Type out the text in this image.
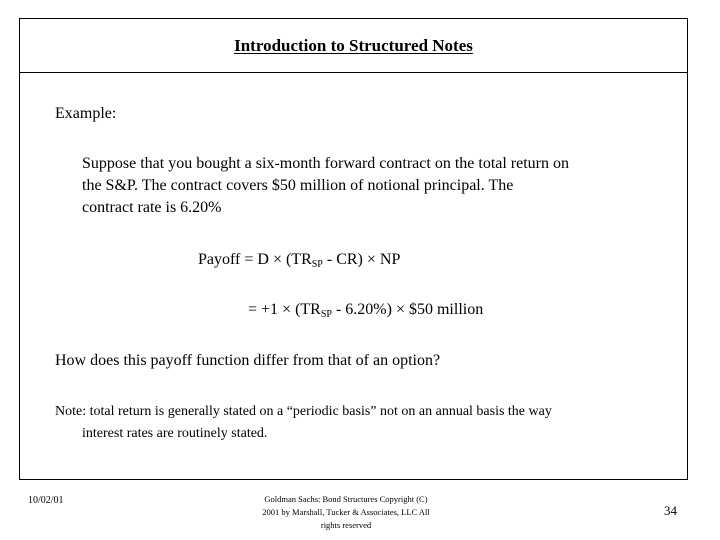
Introduction to Structured Notes
Example:
Suppose that you bought a six-month forward contract on the total return on
the S&P. The contract covers $50 million of notional principal. The
contract rate is 6.20%
Payoff = $D \times (TR_{SP} - CR)$ × NP
= $+1 \times (TR_{SP} - 6.20\%)$ × $50 million
How does this payoff function differ from that of an option?
Note: total return is generally stated on a “periodic basis” not on an annual basis the way
interest rates are routinely stated.
10/02/01	Goldman Sachs: Bond Structures Copyright (C)
2001 by Marshall, Tucker & Associates, LLC All
rights reserved
34
